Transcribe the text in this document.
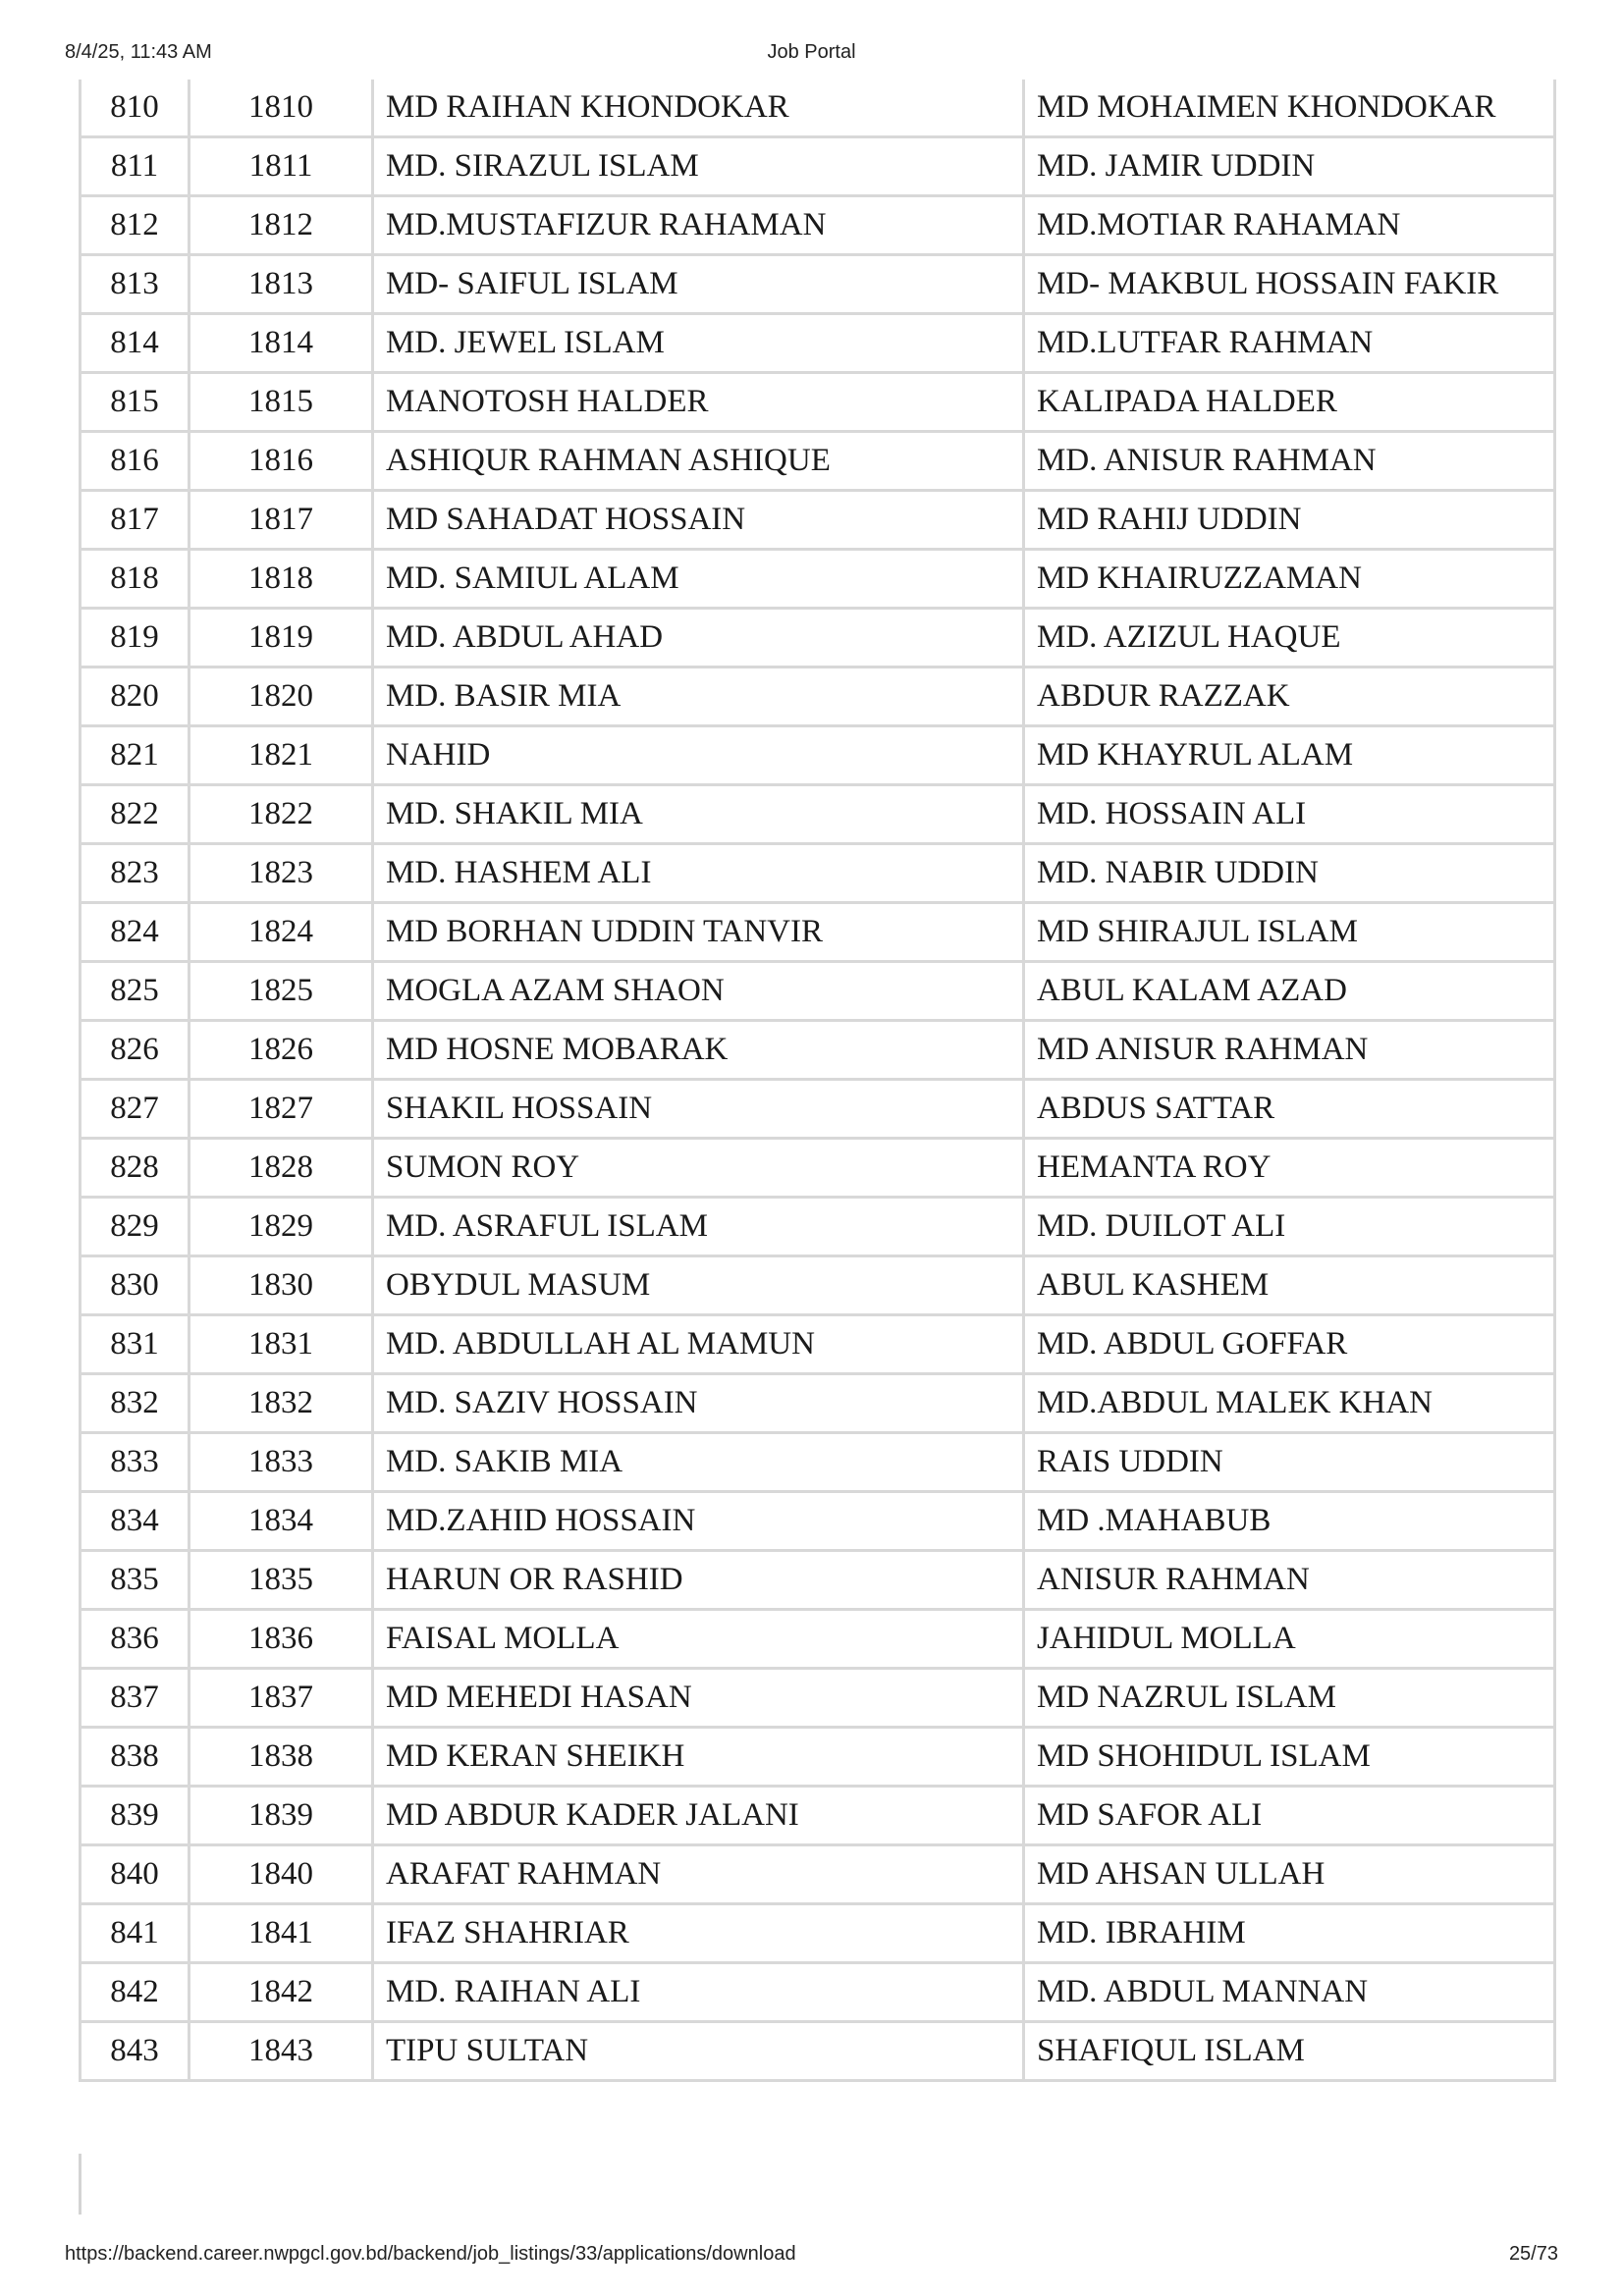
8/4/25, 11:43 AM	Job Portal
810	1810	MD RAIHAN KHONDOKAR	MD MOHAIMEN KHONDOKAR
811	1811	MD. SIRAZUL ISLAM	MD. JAMIR UDDIN
812	1812	MD.MUSTAFIZUR RAHAMAN	MD.MOTIAR RAHAMAN
813	1813	MD- SAIFUL ISLAM	MD- MAKBUL HOSSAIN FAKIR
814	1814	MD. JEWEL ISLAM	MD.LUTFAR RAHMAN
815	1815	MANOTOSH HALDER	KALIPADA HALDER
816	1816	ASHIQUR RAHMAN ASHIQUE	MD. ANISUR RAHMAN
817	1817	MD SAHADAT HOSSAIN	MD RAHIJ UDDIN
818	1818	MD. SAMIUL ALAM	MD KHAIRUZZAMAN
819	1819	MD. ABDUL AHAD	MD. AZIZUL HAQUE
820	1820	MD. BASIR MIA	ABDUR RAZZAK
821	1821	NAHID	MD KHAYRUL ALAM
822	1822	MD. SHAKIL MIA	MD. HOSSAIN ALI
823	1823	MD. HASHEM ALI	MD. NABIR UDDIN
824	1824	MD BORHAN UDDIN TANVIR	MD SHIRAJUL ISLAM
825	1825	MOGLA AZAM SHAON	ABUL KALAM AZAD
826	1826	MD HOSNE MOBARAK	MD ANISUR RAHMAN
827	1827	SHAKIL HOSSAIN	ABDUS SATTAR
828	1828	SUMON ROY	HEMANTA ROY
829	1829	MD. ASRAFUL ISLAM	MD. DUILOT ALI
830	1830	OBYDUL MASUM	ABUL KASHEM
831	1831	MD. ABDULLAH AL MAMUN	MD. ABDUL GOFFAR
832	1832	MD. SAZIV HOSSAIN	MD.ABDUL MALEK KHAN
833	1833	MD. SAKIB MIA	RAIS UDDIN
834	1834	MD.ZAHID HOSSAIN	MD .MAHABUB
835	1835	HARUN OR RASHID	ANISUR RAHMAN
836	1836	FAISAL MOLLA	JAHIDUL MOLLA
837	1837	MD MEHEDI HASAN	MD NAZRUL ISLAM
838	1838	MD KERAN SHEIKH	MD SHOHIDUL ISLAM
839	1839	MD ABDUR KADER JALANI	MD SAFOR ALI
840	1840	ARAFAT RAHMAN	MD AHSAN ULLAH
841	1841	IFAZ SHAHRIAR	MD. IBRAHIM
842	1842	MD. RAIHAN ALI	MD. ABDUL MANNAN
843	1843	TIPU SULTAN	SHAFIQUL ISLAM
https://backend.career.nwpgcl.gov.bd/backend/job_listings/33/applications/download	25/73
